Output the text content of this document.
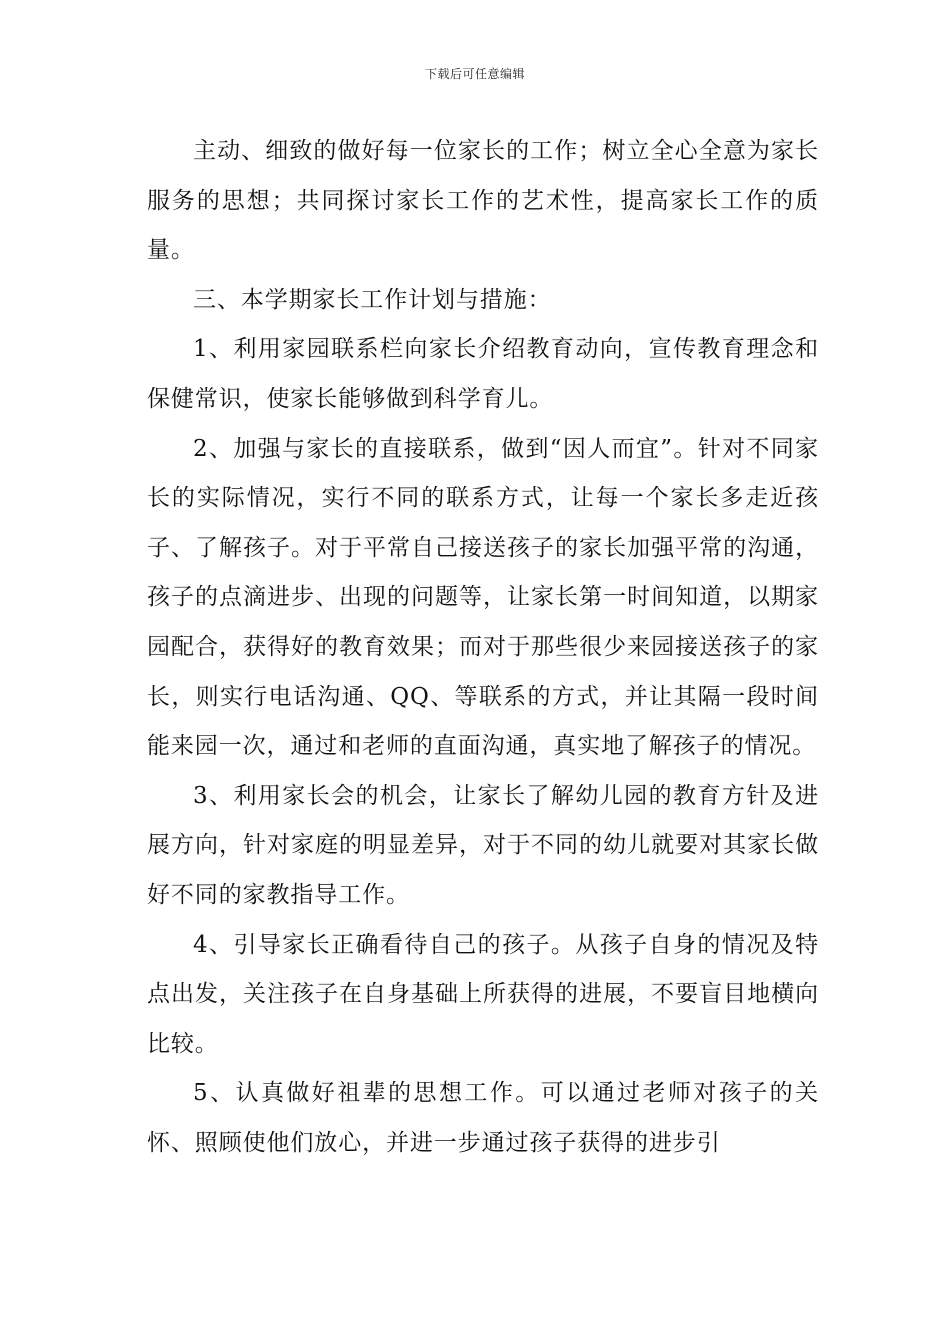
下载后可任意编辑

主动、细致的做好每一位家长的工作；树立全心全意为家长服务的思想；共同探讨家长工作的艺术性，提高家长工作的质量。

三、本学期家长工作计划与措施：

1、利用家园联系栏向家长介绍教育动向，宣传教育理念和保健常识，使家长能够做到科学育儿。

2、加强与家长的直接联系，做到“因人而宜”。针对不同家长的实际情况，实行不同的联系方式，让每一个家长多走近孩子、了解孩子。对于平常自己接送孩子的家长加强平常的沟通，孩子的点滴进步、出现的问题等，让家长第一时间知道，以期家园配合，获得好的教育效果；而对于那些很少来园接送孩子的家长，则实行电话沟通、QQ、等联系的方式，并让其隔一段时间能来园一次，通过和老师的直面沟通，真实地了解孩子的情况。

3、利用家长会的机会，让家长了解幼儿园的教育方针及进展方向，针对家庭的明显差异，对于不同的幼儿就要对其家长做好不同的家教指导工作。

4、引导家长正确看待自己的孩子。从孩子自身的情况及特点出发，关注孩子在自身基础上所获得的进展，不要盲目地横向比较。

5、认真做好祖辈的思想工作。可以通过老师对孩子的关怀、照顾使他们放心，并进一步通过孩子获得的进步引
